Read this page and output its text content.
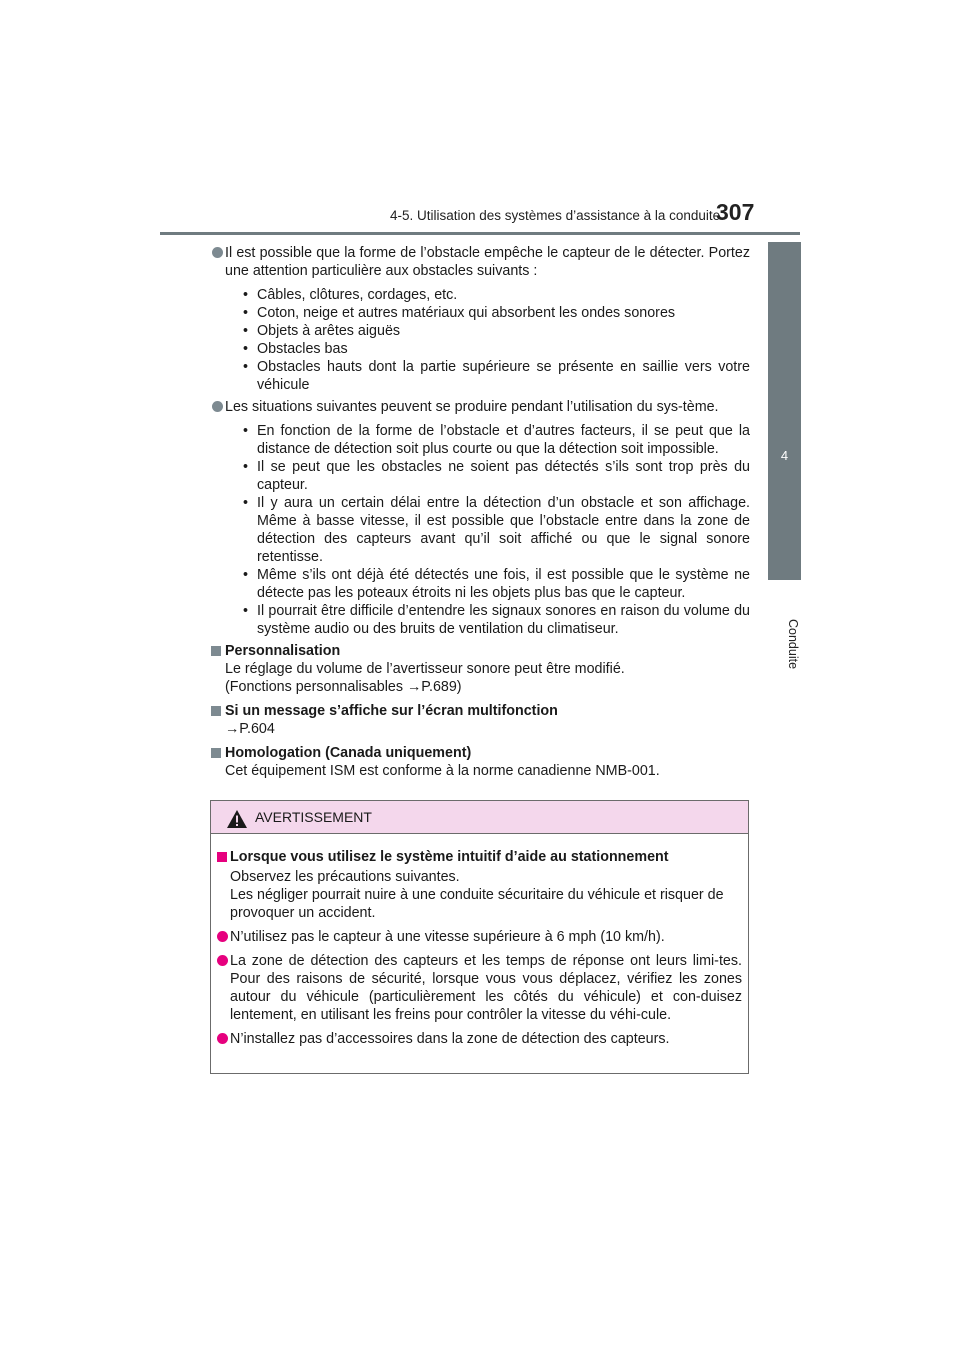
4-5. Utilisation des systèmes d’assistance à la conduite
307
4
Conduite
Il est possible que la forme de l’obstacle empêche le capteur de le détecter. Portez une attention particulière aux obstacles suivants :
• Câbles, clôtures, cordages, etc.
• Coton, neige et autres matériaux qui absorbent les ondes sonores
• Objets à arêtes aiguës
• Obstacles bas
• Obstacles hauts dont la partie supérieure se présente en saillie vers votre véhicule
Les situations suivantes peuvent se produire pendant l’utilisation du sys-tème.
• En fonction de la forme de l’obstacle et d’autres facteurs, il se peut que la distance de détection soit plus courte ou que la détection soit impossible.
• Il se peut que les obstacles ne soient pas détectés s’ils sont trop près du capteur.
• Il y aura un certain délai entre la détection d’un obstacle et son affichage. Même à basse vitesse, il est possible que l’obstacle entre dans la zone de détection des capteurs avant qu’il soit affiché ou que le signal sonore retentisse.
• Même s’ils ont déjà été détectés une fois, il est possible que le système ne détecte pas les poteaux étroits ni les objets plus bas que le capteur.
• Il pourrait être difficile d’entendre les signaux sonores en raison du volume du système audio ou des bruits de ventilation du climatiseur.
Personnalisation
Le réglage du volume de l’avertisseur sonore peut être modifié.
(Fonctions personnalisables →P.689)
Si un message s’affiche sur l’écran multifonction
→P.604
Homologation (Canada uniquement)
Cet équipement ISM est conforme à la norme canadienne NMB-001.
AVERTISSEMENT
Lorsque vous utilisez le système intuitif d’aide au stationnement
Observez les précautions suivantes.
Les négliger pourrait nuire à une conduite sécuritaire du véhicule et risquer de provoquer un accident.
N’utilisez pas le capteur à une vitesse supérieure à 6 mph (10 km/h).
La zone de détection des capteurs et les temps de réponse ont leurs limi-tes. Pour des raisons de sécurité, lorsque vous vous déplacez, vérifiez les zones autour du véhicule (particulièrement les côtés du véhicule) et con-duisez lentement, en utilisant les freins pour contrôler la vitesse du véhi-cule.
N’installez pas d’accessoires dans la zone de détection des capteurs.
